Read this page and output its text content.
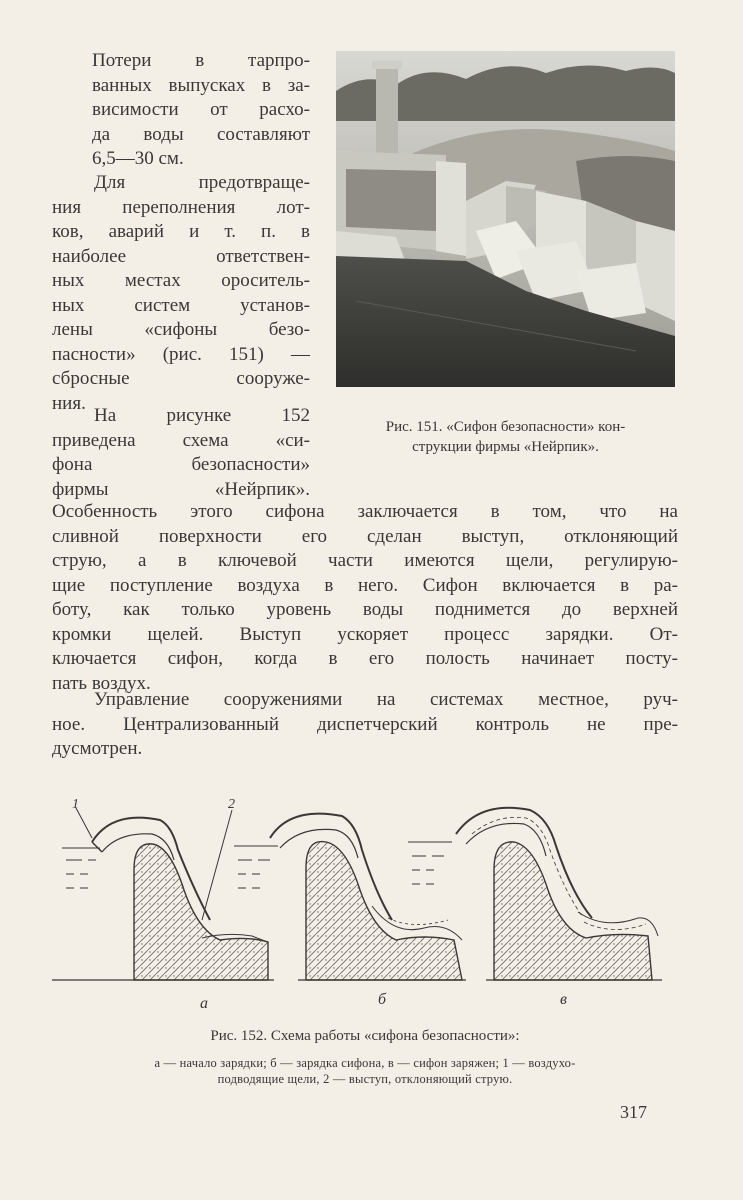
Потери в тарпро-
ванных выпусках в за-
висимости от расхо-
да воды составляют
6,5—30 см.
Для предотвраще-
ния переполнения лот-
ков, аварий и т. п. в
наиболее ответствен-
ных местах ороситель-
ных систем установ-
лены «сифоны безо-
пасности» (рис. 151) —
сбросные сооруже-
ния.
На рисунке 152
приведена схема «си-
фона безопасности»
фирмы «Нейрпик».
Особенность этого сифона заключается в том, что на
сливной поверхности его сделан выступ, отклоняющий
струю, а в ключевой части имеются щели, регулирую-
щие поступление воздуха в него. Сифон включается в ра-
боту, как только уровень воды поднимется до верхней
кромки щелей. Выступ ускоряет процесс зарядки. От-
ключается сифон, когда в его полость начинает посту-
пать воздух.
Управление сооружениями на системах местное, руч-
ное. Централизованный диспетчерский контроль не пре-
дусмотрен.

Рис. 151. «Сифон безопасности» кон-
струкции фирмы «Нейрпик».

1	2
а	б	в

Рис. 152. Схема работы «сифона безопасности»:

а — начало зарядки; б — зарядка сифона, в — сифон заряжен; 1 — воздухо-
подводящие щели, 2 — выступ, отклоняющий струю.

317
